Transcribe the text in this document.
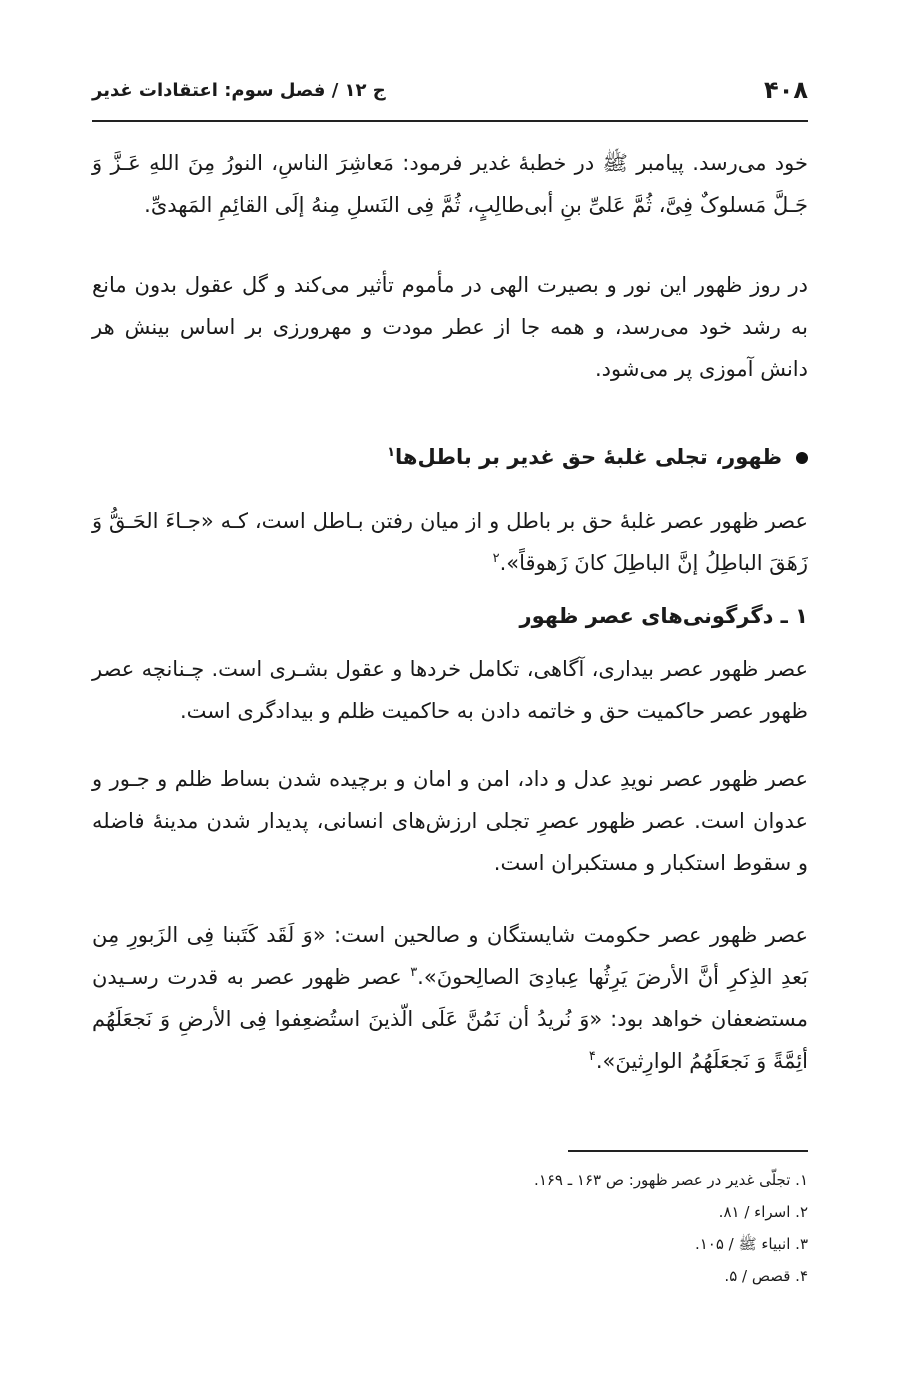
۴۰۸
ج ۱۲ / فصل سوم: اعتقادات غدیر

خود می‌رسد. پیامبر ﷺ در خطبۀ غدیر فرمود: مَعاشِرَ الناسِ، النورُ مِنَ اللهِ عَـزَّ وَ جَـلَّ مَسلوکٌ فِیَّ، ثُمَّ عَلیِّ بنِ أبی‌طالِبٍ، ثُمَّ فِی النَسلِ مِنهُ إلَی القائِمِ المَهدیِّ.

در روز ظهور این نور و بصیرت الهی در مأموم تأثیر می‌کند و گل عقول بدون مانع به رشد خود می‌رسد، و همه جا از عطر مودت و مهرورزی بر اساس بینش هر دانش آموزی پر می‌شود.

ظهور، تجلی غلبۀ حق غدیر بر باطل‌ها$^۱$

عصر ظهور عصر غلبۀ حق بر باطل و از میان رفتن بـاطل است، کـه «جـاءَ الحَـقُّ وَ زَهَقَ الباطِلُ إنَّ الباطِلَ کانَ زَهوقاً».$^۲$

۱ ـ دگرگونی‌های عصر ظهور

عصر ظهور عصر بیداری، آگاهی، تکامل خردها و عقول بشـری است. چـنانچه عصر ظهور عصر حاکمیت حق و خاتمه دادن به حاکمیت ظلم و بیدادگری است.

عصر ظهور عصر نویدِ عدل و داد، امن و امان و برچیده شدن بساط ظلم و جـور و عدوان است. عصر ظهور عصرِ تجلی ارزش‌های انسانی، پدیدار شدن مدینۀ فاضله و سقوط استکبار و مستکبران است.

عصر ظهور عصر حکومت شایستگان و صالحین است: «وَ لَقَد کَتَبنا فِی الزَبورِ مِن بَعدِ الذِکرِ أنَّ الأرضَ یَرِثُها عِبادِیَ الصالِحونَ».$^۳$ عصر ظهور عصر به قدرت رسـیدن مستضعفان خواهد بود: «وَ نُریدُ أن نَمُنَّ عَلَی الّذینَ استُضعِفوا فِی الأرضِ وَ نَجعَلَهُم أئِمَّةً وَ نَجعَلَهُمُ الوارِثینَ».$^۴$

۱. تجلّی غدیر در عصر ظهور: ص ۱۶۳ ـ ۱۶۹.
۲. اسراء / ۸۱.
۳. انبیاء ﷺ / ۱۰۵.
۴. قصص / ۵.
